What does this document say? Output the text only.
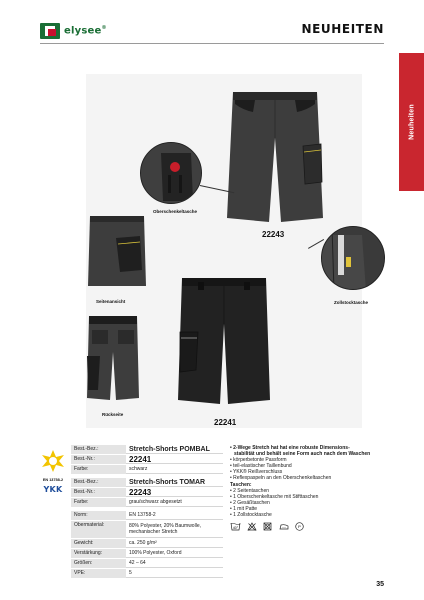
elysee®	NEUHEITEN
Neuheiten
Oberschenkeltasche
22243
Zollstocktasche
Seitenansicht
Rückseite
22241
EN 13758-2
YKK
Best.-Bez.:	Stretch-Shorts POMBAL
Best.-Nr.:	22241
Farbe:	schwarz
Best.-Bez.:	Stretch-Shorts TOMAR
Best.-Nr.:	22243
Farbe:	grau/schwarz abgesetzt
Norm:	EN 13758-2
Obermaterial:	80% Polyester, 20% Baumwolle, mechanischer Stretch
Gewicht:	ca. 250 g/m²
Verstärkung:	100% Polyester, Oxford
Größen:	42 – 64
VPE:	5
• 2-Wege Stretch hat hat eine robuste Dimensions-
stabilität und behält seine Form auch nach dem Waschen
• körperbetonte Passform
• teil-elastischer Taillenbund
• YKK® Reißverschluss
• Reflexpaspeln an den Oberschenkeltaschen
Taschen:
• 2 Seitentaschen
• 1 Oberschenkeltasche mit Stifttaschen
• 2 Gesäßtaschen
• 1 mit Patte
• 1 Zollstocktasche
40°	P
35
